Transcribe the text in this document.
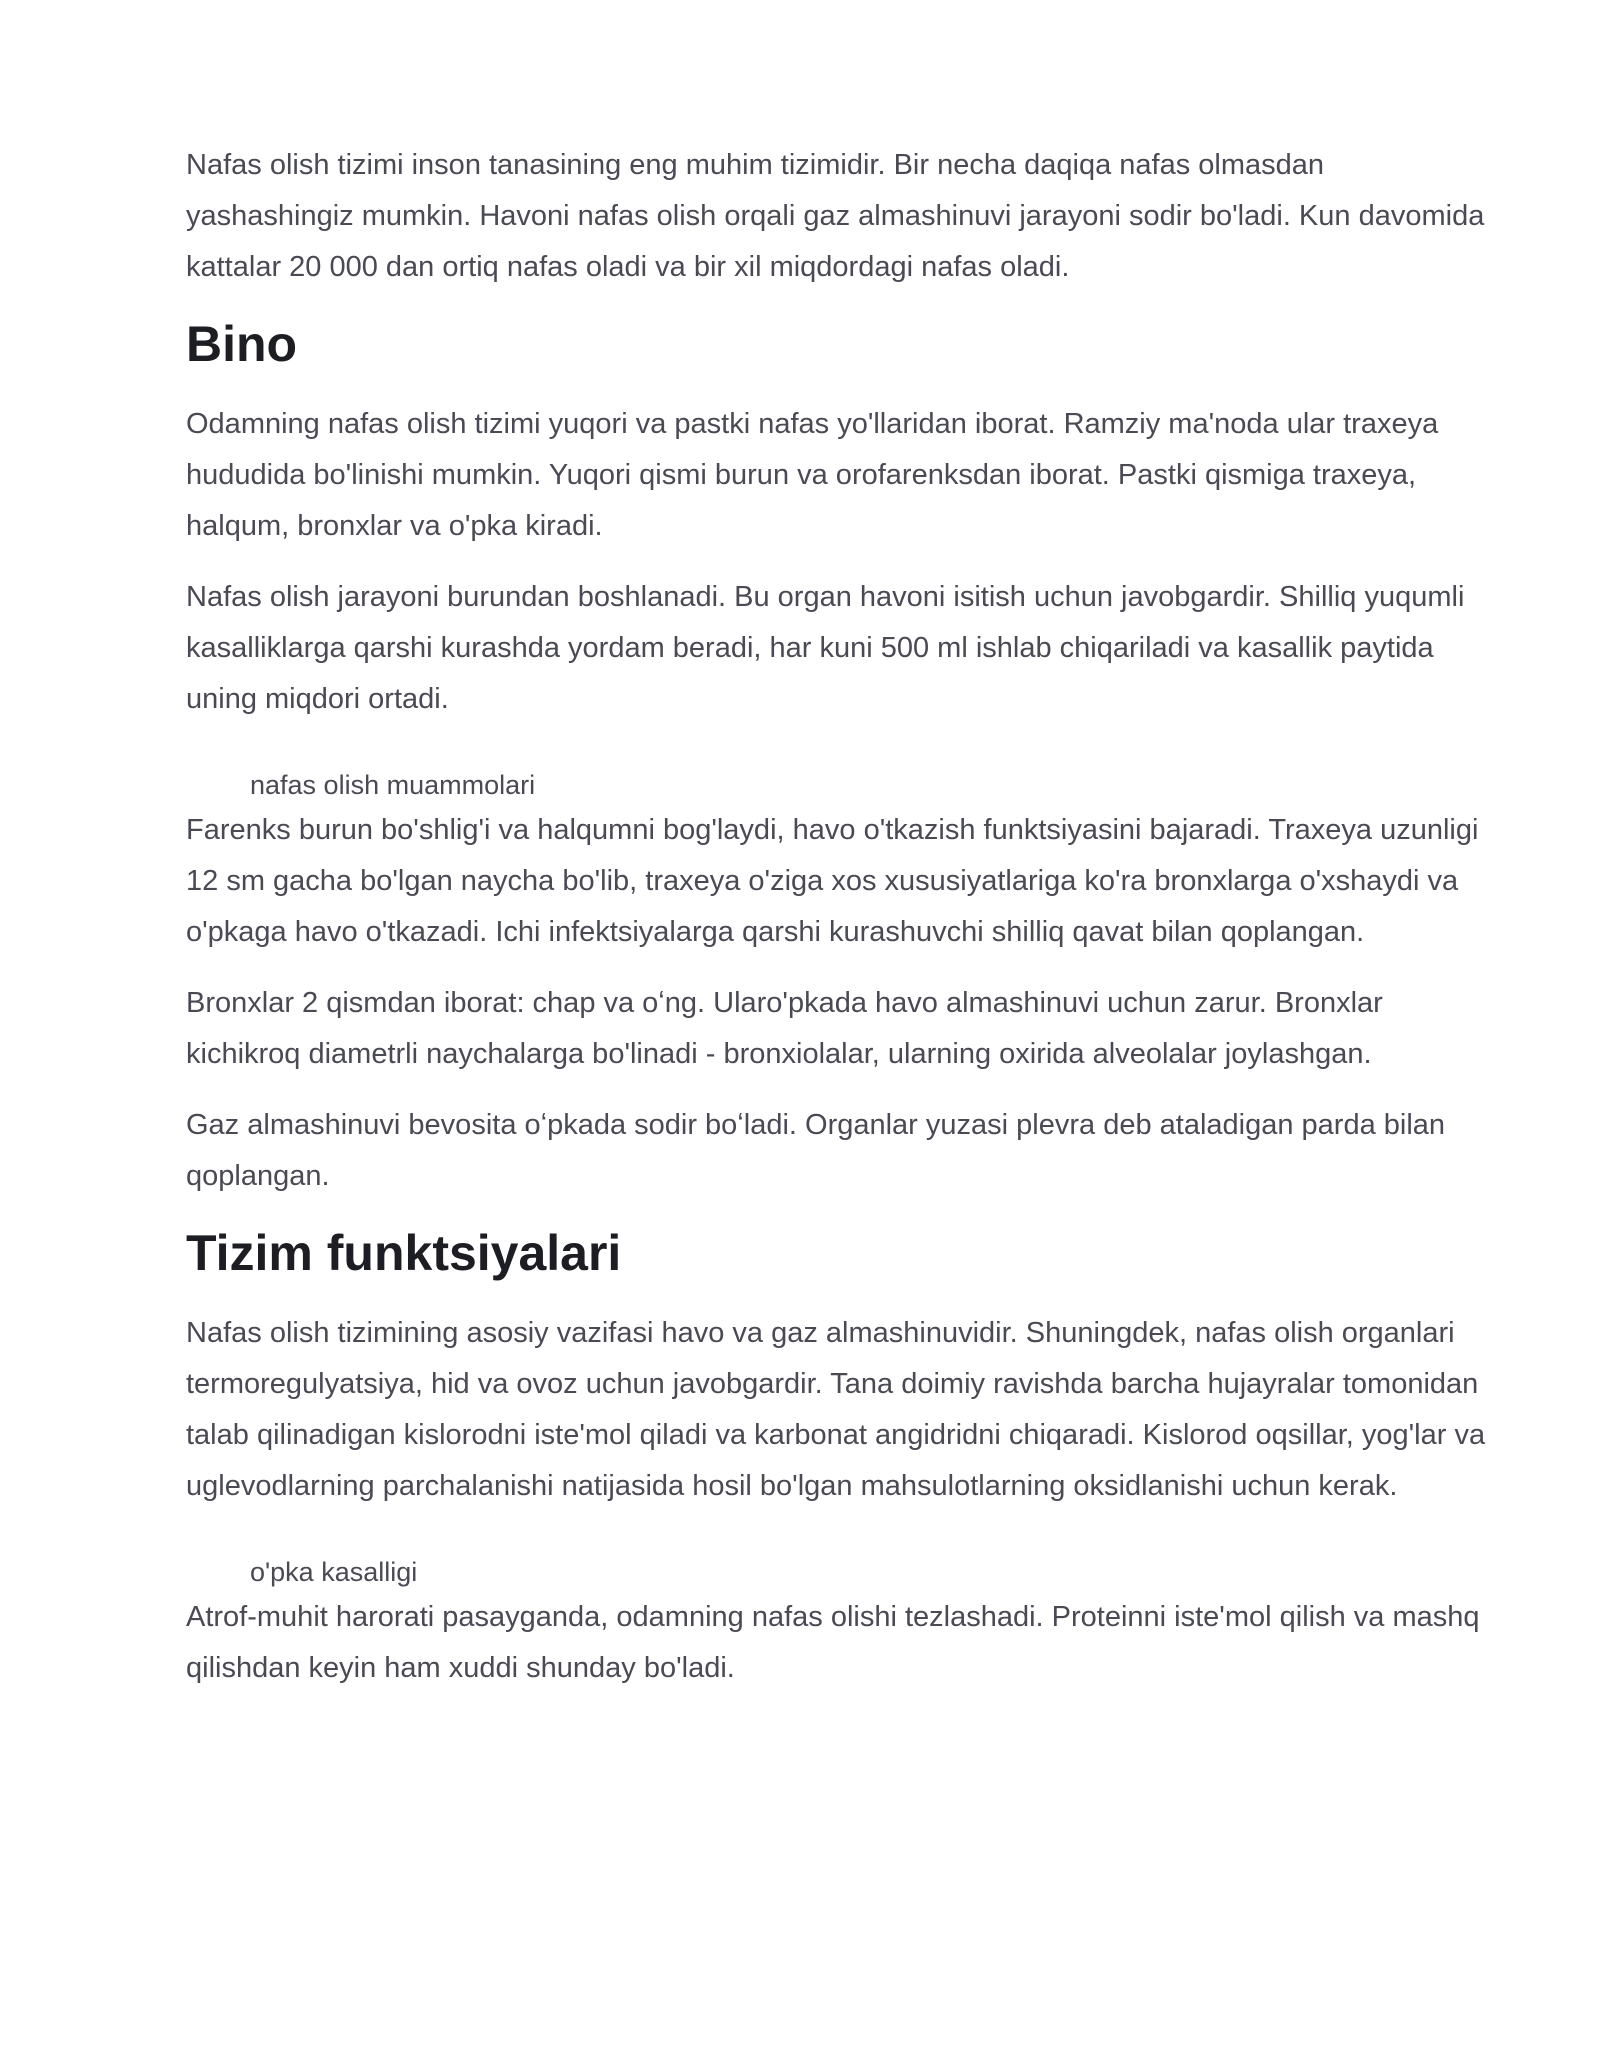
Nafas olish tizimi inson tanasining eng muhim tizimidir. Bir necha daqiqa nafas olmasdan yashashingiz mumkin. Havoni nafas olish orqali gaz almashinuvi jarayoni sodir bo'ladi. Kun davomida kattalar 20 000 dan ortiq nafas oladi va bir xil miqdordagi nafas oladi.

Bino

Odamning nafas olish tizimi yuqori va pastki nafas yo'llaridan iborat. Ramziy ma'noda ular traxeya hududida bo'linishi mumkin. Yuqori qismi burun va orofarenksdan iborat. Pastki qismiga traxeya, halqum, bronxlar va o'pka kiradi.

Nafas olish jarayoni burundan boshlanadi. Bu organ havoni isitish uchun javobgardir. Shilliq yuqumli kasalliklarga qarshi kurashda yordam beradi, har kuni 500 ml ishlab chiqariladi va kasallik paytida uning miqdori ortadi.

nafas olish muammolari

Farenks burun bo'shlig'i va halqumni bog'laydi, havo o'tkazish funktsiyasini bajaradi. Traxeya uzunligi 12 sm gacha bo'lgan naycha bo'lib, traxeya o'ziga xos xususiyatlariga ko'ra bronxlarga o'xshaydi va o'pkaga havo o'tkazadi. Ichi infektsiyalarga qarshi kurashuvchi shilliq qavat bilan qoplangan.

Bronxlar 2 qismdan iborat: chap va oʻng. Ularo'pkada havo almashinuvi uchun zarur. Bronxlar kichikroq diametrli naychalarga bo'linadi - bronxiolalar, ularning oxirida alveolalar joylashgan.

Gaz almashinuvi bevosita oʻpkada sodir boʻladi. Organlar yuzasi plevra deb ataladigan parda bilan qoplangan.

Tizim funktsiyalari

Nafas olish tizimining asosiy vazifasi havo va gaz almashinuvidir. Shuningdek, nafas olish organlari termoregulyatsiya, hid va ovoz uchun javobgardir. Tana doimiy ravishda barcha hujayralar tomonidan talab qilinadigan kislorodni iste'mol qiladi va karbonat angidridni chiqaradi. Kislorod oqsillar, yog'lar va uglevodlarning parchalanishi natijasida hosil bo'lgan mahsulotlarning oksidlanishi uchun kerak.

o'pka kasalligi

Atrof-muhit harorati pasayganda, odamning nafas olishi tezlashadi. Proteinni iste'mol qilish va mashq qilishdan keyin ham xuddi shunday bo'ladi.
